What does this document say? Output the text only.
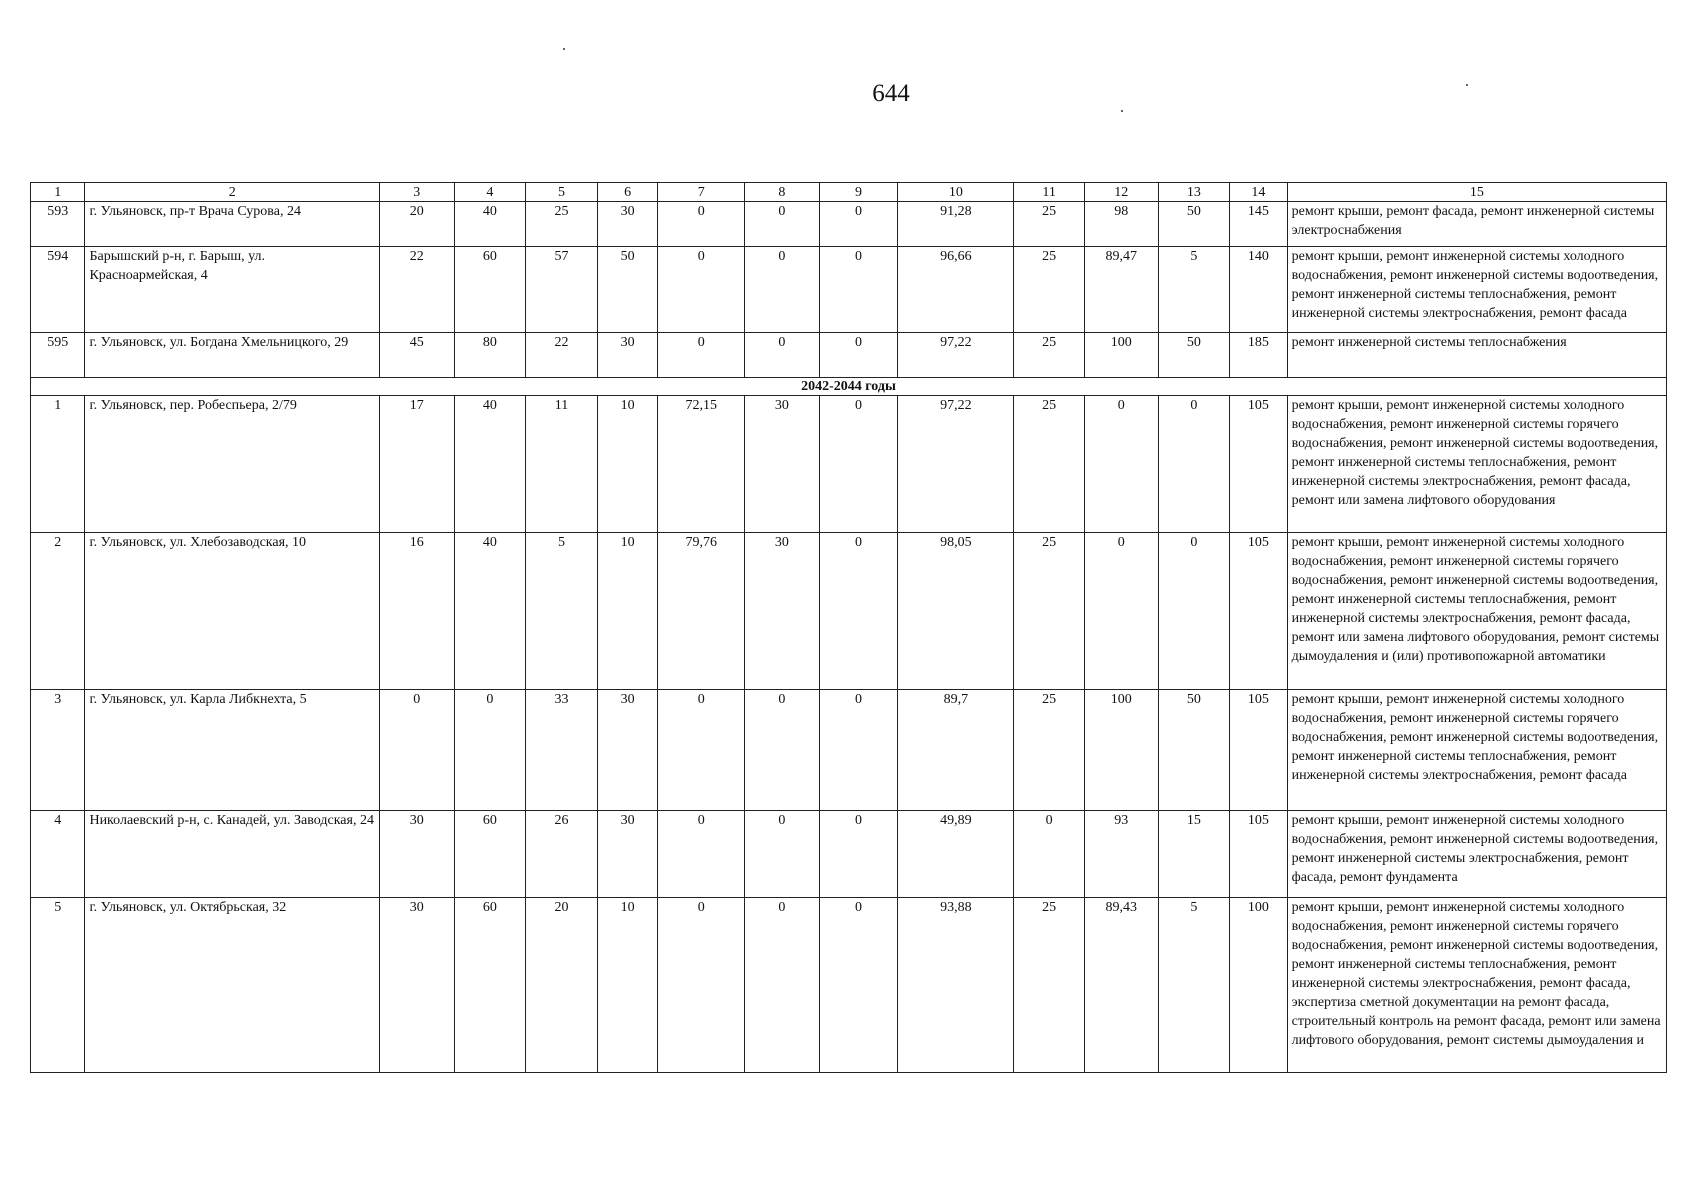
644
1	2	3	4	5	6	7	8	9	10	11	12	13	14	15
593	г. Ульяновск, пр-т Врача Сурова, 24	20	40	25	30	0	0	0	91,28	25	98	50	145	ремонт крыши, ремонт фасада, ремонт инженерной системы электроснабжения
594	Барышский р-н, г. Барыш, ул. Красноармейская, 4	22	60	57	50	0	0	0	96,66	25	89,47	5	140	ремонт крыши, ремонт инженерной системы холодного водоснабжения, ремонт инженерной системы водоотведения, ремонт инженерной системы теплоснабжения, ремонт инженерной системы электроснабжения, ремонт фасада
595	г. Ульяновск, ул. Богдана Хмельницкого, 29	45	80	22	30	0	0	0	97,22	25	100	50	185	ремонт инженерной системы теплоснабжения
2042-2044 годы														
1	г. Ульяновск, пер. Робеспьера, 2/79	17	40	11	10	72,15	30	0	97,22	25	0	0	105	ремонт крыши, ремонт инженерной системы холодного водоснабжения, ремонт инженерной системы горячего водоснабжения, ремонт инженерной системы водоотведения, ремонт инженерной системы теплоснабжения, ремонт инженерной системы электроснабжения, ремонт фасада, ремонт или замена лифтового оборудования
2	г. Ульяновск, ул. Хлебозаводская, 10	16	40	5	10	79,76	30	0	98,05	25	0	0	105	ремонт крыши, ремонт инженерной системы холодного водоснабжения, ремонт инженерной системы горячего водоснабжения, ремонт инженерной системы водоотведения, ремонт инженерной системы теплоснабжения, ремонт инженерной системы электроснабжения, ремонт фасада, ремонт или замена лифтового оборудования, ремонт системы дымоудаления и (или) противопожарной автоматики
3	г. Ульяновск, ул. Карла Либкнехта, 5	0	0	33	30	0	0	0	89,7	25	100	50	105	ремонт крыши, ремонт инженерной системы холодного водоснабжения, ремонт инженерной системы горячего водоснабжения, ремонт инженерной системы водоотведения, ремонт инженерной системы теплоснабжения, ремонт инженерной системы электроснабжения, ремонт фасада
4	Николаевский р-н, с. Канадей, ул. Заводская, 24	30	60	26	30	0	0	0	49,89	0	93	15	105	ремонт крыши, ремонт инженерной системы холодного водоснабжения, ремонт инженерной системы водоотведения, ремонт инженерной системы электроснабжения, ремонт фасада, ремонт фундамента
5	г. Ульяновск, ул. Октябрьская, 32	30	60	20	10	0	0	0	93,88	25	89,43	5	100	ремонт крыши, ремонт инженерной системы холодного водоснабжения, ремонт инженерной системы горячего водоснабжения, ремонт инженерной системы водоотведения, ремонт инженерной системы теплоснабжения, ремонт инженерной системы электроснабжения, ремонт фасада, экспертиза сметной документации на ремонт фасада, строительный контроль на ремонт фасада, ремонт или замена лифтового оборудования, ремонт системы дымоудаления и
